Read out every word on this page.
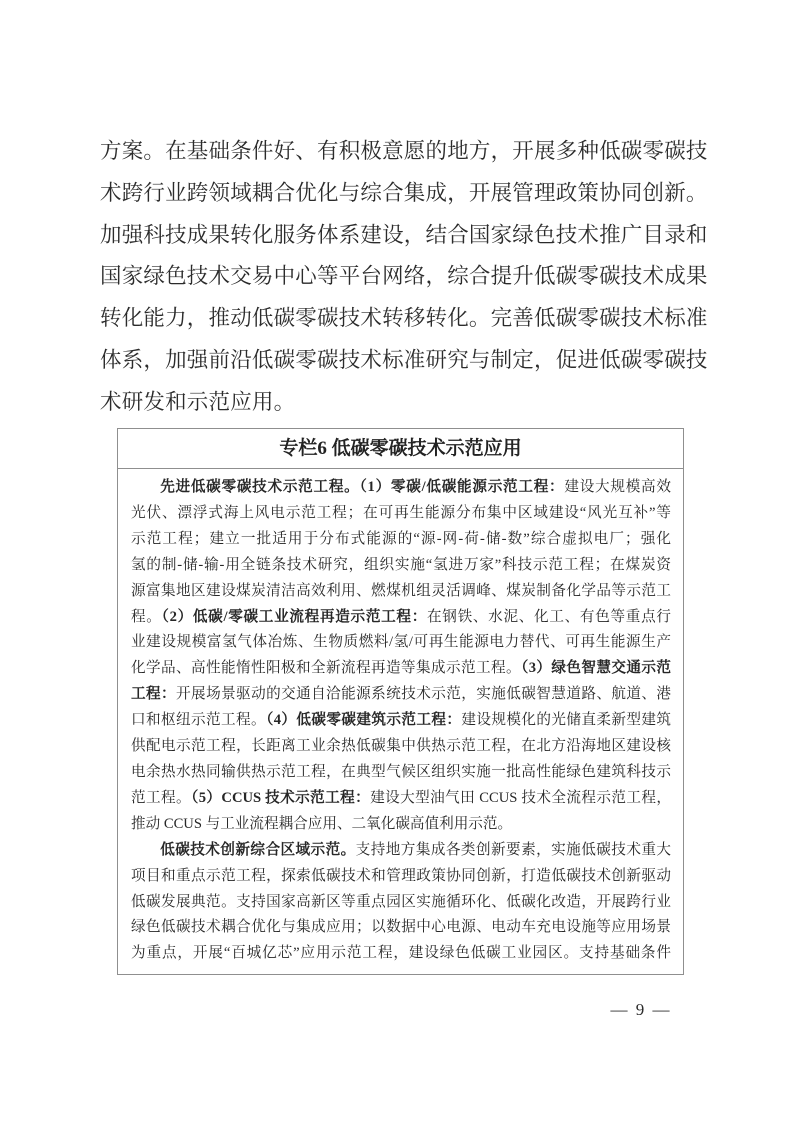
方案。在基础条件好、有积极意愿的地方，开展多种低碳零碳技
术跨行业跨领域耦合优化与综合集成，开展管理政策协同创新。
加强科技成果转化服务体系建设，结合国家绿色技术推广目录和
国家绿色技术交易中心等平台网络，综合提升低碳零碳技术成果
转化能力，推动低碳零碳技术转移转化。完善低碳零碳技术标准
体系，加强前沿低碳零碳技术标准研究与制定，促进低碳零碳技
术研发和示范应用。
专栏6 低碳零碳技术示范应用
先进低碳零碳技术示范工程。（1）零碳/低碳能源示范工程：建设大规模高效
光伏、漂浮式海上风电示范工程；在可再生能源分布集中区域建设“风光互补”等
示范工程；建立一批适用于分布式能源的“源-网-荷-储-数”综合虚拟电厂；强化
氢的制-储-输-用全链条技术研究，组织实施“氢进万家”科技示范工程；在煤炭资
源富集地区建设煤炭清洁高效利用、燃煤机组灵活调峰、煤炭制备化学品等示范工
程。（2）低碳/零碳工业流程再造示范工程：在钢铁、水泥、化工、有色等重点行
业建设规模富氢气体冶炼、生物质燃料/氢/可再生能源电力替代、可再生能源生产
化学品、高性能惰性阳极和全新流程再造等集成示范工程。（3）绿色智慧交通示范
工程：开展场景驱动的交通自洽能源系统技术示范，实施低碳智慧道路、航道、港
口和枢纽示范工程。（4）低碳零碳建筑示范工程：建设规模化的光储直柔新型建筑
供配电示范工程，长距离工业余热低碳集中供热示范工程，在北方沿海地区建设核
电余热水热同输供热示范工程，在典型气候区组织实施一批高性能绿色建筑科技示
范工程。（5）CCUS 技术示范工程：建设大型油气田 CCUS 技术全流程示范工程，
推动 CCUS 与工业流程耦合应用、二氧化碳高值利用示范。
低碳技术创新综合区域示范。支持地方集成各类创新要素，实施低碳技术重大
项目和重点示范工程，探索低碳技术和管理政策协同创新，打造低碳技术创新驱动
低碳发展典范。支持国家高新区等重点园区实施循环化、低碳化改造，开展跨行业
绿色低碳技术耦合优化与集成应用；以数据中心电源、电动车充电设施等应用场景
为重点，开展“百城亿芯”应用示范工程，建设绿色低碳工业园区。支持基础条件
— 9 —
